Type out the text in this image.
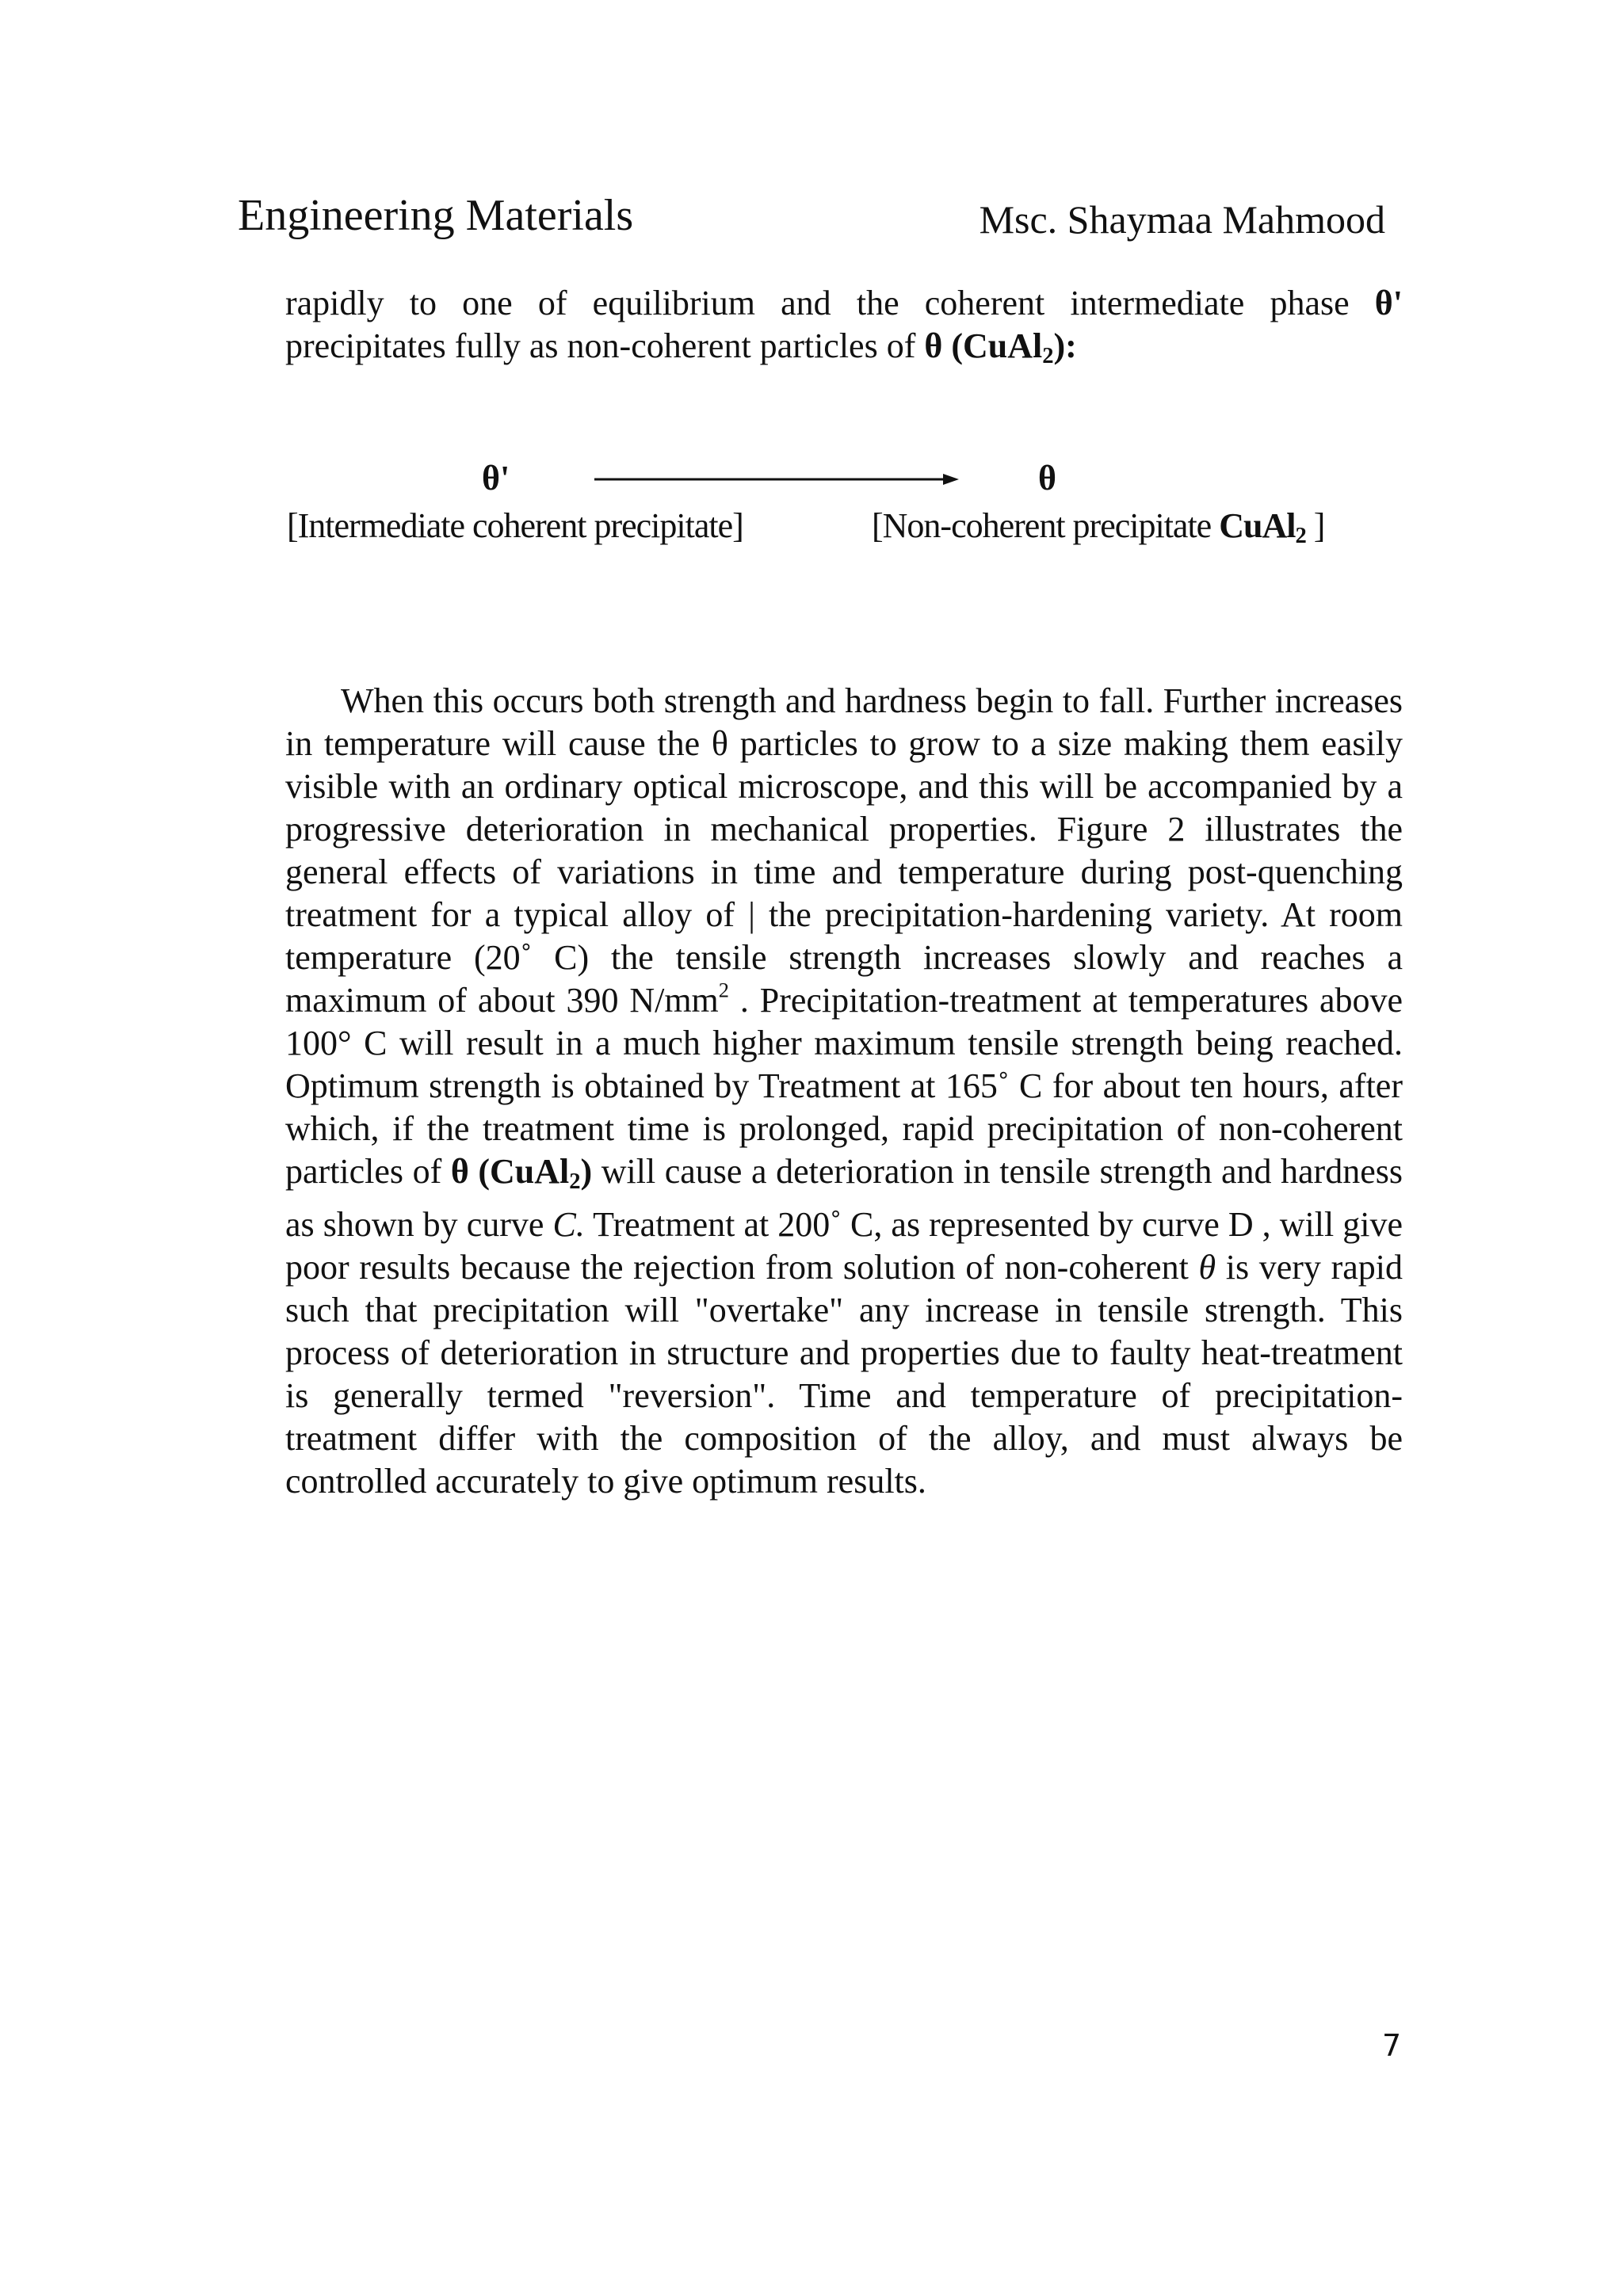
Engineering Materials	Msc. Shaymaa Mahmood
rapidly to one of equilibrium and the coherent intermediate phase θ' precipitates fully as non-coherent particles of θ (CuAl$_2$):
θ'	θ
[Intermediate coherent precipitate]	[Non-coherent precipitate CuAl$_2$ ]
When this occurs both strength and hardness begin to fall. Further increases in temperature will cause the θ particles to grow to a size making them easily visible with an ordinary optical microscope, and this will be accompanied by a progressive deterioration in mechanical properties. Figure 2 illustrates the general effects of variations in time and temperature during post-quenching treatment for a typical alloy of | the precipitation-hardening variety. At room temperature (20˚ C) the tensile strength increases slowly and reaches a maximum of about 390 $N/mm^2$ . Precipitation-treatment at temperatures above 100° C will result in a much higher maximum tensile strength being reached. Optimum strength is obtained by Treatment at 165˚ C for about ten hours, after which, if the treatment time is prolonged, rapid precipitation of non-coherent particles of θ (CuAl$_2$) will cause a deterioration in tensile strength and hardness as shown by curve C. Treatment at 200˚ C, as represented by curve D , will give poor results because the rejection from solution of non-coherent θ is very rapid such that precipitation will "overtake" any increase in tensile strength. This process of deterioration in structure and properties due to faulty heat-treatment is generally termed "reversion". Time and temperature of precipitation-treatment differ with the composition of the alloy, and must always be controlled accurately to give optimum results.
7
